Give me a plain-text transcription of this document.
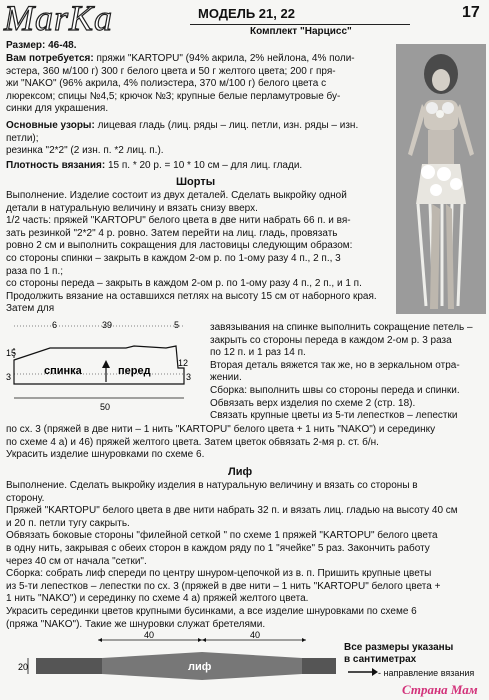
MarKa	МОДЕЛЬ 21, 22	17
Комплект "Нарцисс"
Размер: 46-48.
Вам потребуется: пряжи "KARTOPU" (94% акрила, 2% нейлона, 4% поли-
эстера, 360 м/100 г) 300 г белого цвета и 50 г желтого цвета; 200 г пря-
жи "NAKO" (96% акрила, 4% полиэстера, 370 м/100 г) белого цвета с
люрексом; спицы №4,5; крючок №3; крупные белые перламутровые бу-
синки для украшения.
Основные узоры: лицевая гладь (лиц. ряды – лиц. петли, изн. ряды – изн.
петли);
резинка "2*2" (2 изн. п. *2 лиц. п.).
Плотность вязания: 15 п. * 20 р. = 10 * 10 см – для лиц. глади.
Шорты
Выполнение. Изделие состоит из двух деталей. Сделать выкройку одной
детали в натуральную величину и вязать снизу вверх.
1/2 часть: пряжей "KARTOPU" белого цвета в две нити набрать 66 п. и вя-
зать резинкой "2*2" 4 р. ровно. Затем перейти на лиц. гладь, провязать
ровно 2 см и выполнить сокращения для ластовицы следующим образом:
со стороны спинки – закрыть в каждом 2-ом р. по 1-ому разу 4 п., 2 п., 3
раза по 1 п.;
со стороны переда – закрыть в каждом 2-ом р. по 1-ому разу 4 п., 2 п., и 1 п.
Продолжить вязание на оставшихся петлях на высоту 15 см от наборного края. Затем для
6	39	5
15
12
3	3
50
спинка	перед
завязывания на спинке выполнить сокращение петель –
закрыть со стороны переда в каждом 2-ом р. 3 раза
по 12 п. и 1 раз 14 п.
Вторая деталь вяжется так же, но в зеркальном отра-
жении.
Сборка: выполнить швы со стороны переда и спинки.
Обвязать верх изделия по схеме 2 (стр. 18).
Связать крупные цветы из 5-ти лепестков – лепестки
по сх. 3 (пряжей в две нити – 1 нить "KARTOPU" белого цвета + 1 нить "NAKO") и серединку
по схеме 4 а) и 46) пряжей желтого цвета. Затем цветок обвязать 2-мя р. ст. б/н.
Украсить изделие шнуровками по схеме 6.
Лиф
Выполнение. Сделать выкройку изделия в натуральную величину и вязать со стороны в
сторону.
Пряжей "KARTOPU" белого цвета в две нити набрать 32 п. и вязать лиц. гладью на высоту 40 см
и 20 п. петли тугу сакрыть.
Обвязать боковые стороны "филейной сеткой " по схеме 1 пряжей "KARTOPU" белого цвета
в одну нить, закрывая с обеих сторон в каждом ряду по 1 "ячейке" 5 раз. Закончить работу
через 40 см от начала "сетки".
Сборка: собрать лиф спереди по центру шнуром-цепочкой из в. п. Пришить крупные цветы
из 5-ти лепестков – лепестки по сх. 3 (пряжей в две нити – 1 нить "KARTOPU" белого цвета +
1 нить "NAKO") и серединку по схеме 4 а) пряжей желтого цвета.
Украсить серединки цветов крупными бусинками, а все изделие шнуровками по схеме 6
(пряжа "NAKO"). Такие же шнуровки служат бретелями.
40	40
20	лиф
Все размеры указаны
в сантиметрах
- направление вязания
Страна Мам
